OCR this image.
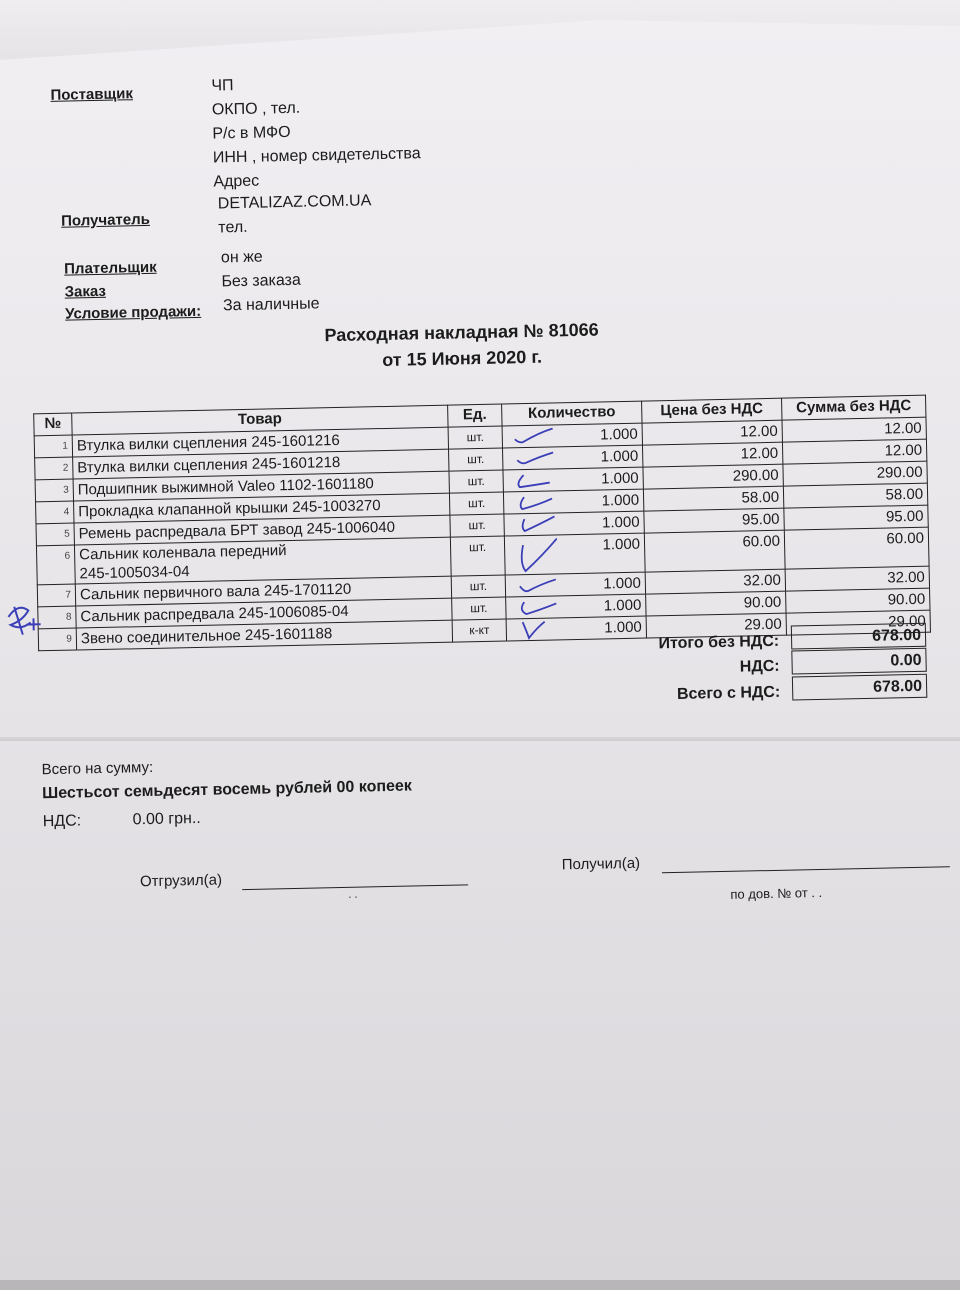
Поставщик	ЧП
ОКПО , тел.
Р/с в МФО
ИНН , номер свидетельства
Адрес
Получатель
DETALIZAZ.COM.UA
тел.
Плательщик
он же
Заказ
Без заказа
Условие продажи: За наличные
Расходная накладная № 81066
от 15 Июня 2020 г.
№	Товар	Ед.	Количество	Цена без НДС	Сумма без НДС
1	Втулка вилки сцепления 245-1601216	шт.	1.000	12.00	12.00
2	Втулка вилки сцепления 245-1601218	шт.	1.000	12.00	12.00
3	Подшипник выжимной Valeo 1102-1601180	шт.	1.000	290.00	290.00
4	Прокладка клапанной крышки 245-1003270	шт.	1.000	58.00	58.00
5	Ремень распредвала БРТ завод 245-1006040	шт.	1.000	95.00	95.00
6	Сальник коленвала передний
245-1005034-04	шт.	1.000	60.00	60.00
7	Сальник первичного вала 245-1701120	шт.	1.000	32.00	32.00
8	Сальник распредвала 245-1006085-04	шт.	1.000	90.00	90.00
9	Звено соединительное 245-1601188	к-кт	1.000	29.00	29.00
Итого без НДС:	678.00
НДС:	0.00
Всего с НДС:	678.00
Всего на сумму:
Шестьсот семьдесят восемь рублей 00 копеек
НДС:	0.00 грн..
Отгрузил(а)
. .
Получил(а)
по дов. № от . .
